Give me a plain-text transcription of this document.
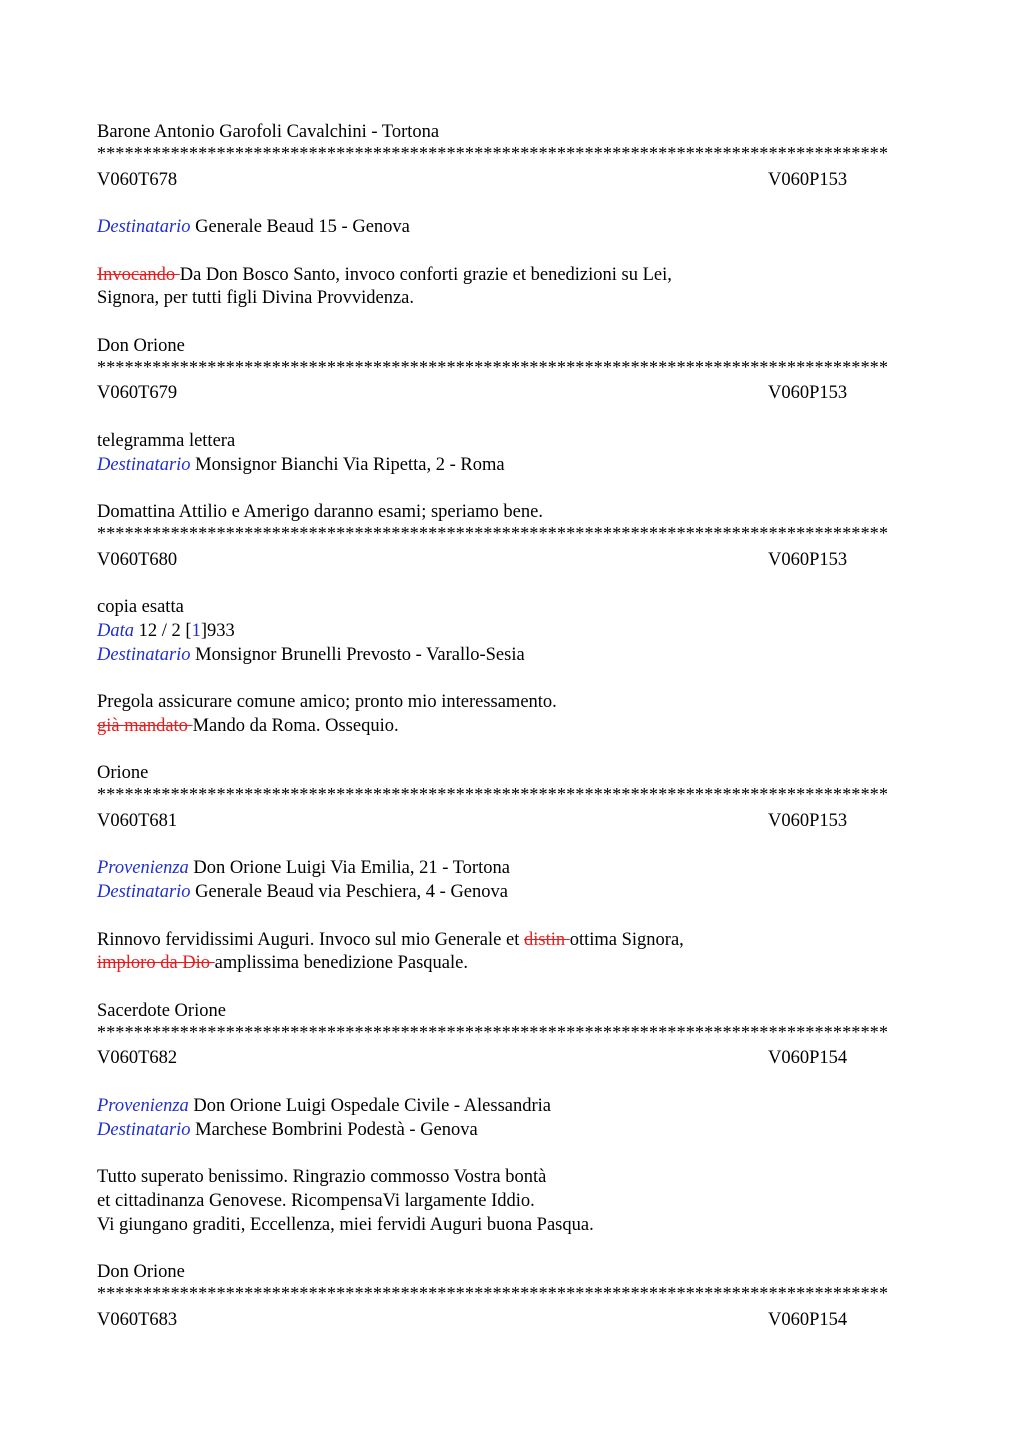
Barone Antonio Garofoli Cavalchini - Tortona
**************************************************************************************
V060T678	V060P153
Destinatario Generale Beaud 15 - Genova
Invocando Da Don Bosco Santo, invoco conforti grazie et benedizioni su Lei,
Signora, per tutti figli Divina Provvidenza.
Don Orione
**************************************************************************************
V060T679	V060P153
telegramma lettera
Destinatario Monsignor Bianchi Via Ripetta, 2 - Roma
Domattina Attilio e Amerigo daranno esami; speriamo bene.
**************************************************************************************
V060T680	V060P153
copia esatta
Data 12 / 2 [1]933
Destinatario Monsignor Brunelli Prevosto - Varallo-Sesia
Pregola assicurare comune amico; pronto mio interessamento.
già mandato Mando da Roma. Ossequio.
Orione
**************************************************************************************
V060T681	V060P153
Provenienza Don Orione Luigi Via Emilia, 21 - Tortona
Destinatario Generale Beaud via Peschiera, 4 - Genova
Rinnovo fervidissimi Auguri. Invoco sul mio Generale et distin ottima Signora,
imploro da Dio amplissima benedizione Pasquale.
Sacerdote Orione
**************************************************************************************
V060T682	V060P154
Provenienza Don Orione Luigi Ospedale Civile - Alessandria
Destinatario Marchese Bombrini Podestà - Genova
Tutto superato benissimo. Ringrazio commosso Vostra bontà
et cittadinanza Genovese. RicompensaVi largamente Iddio.
Vi giungano graditi, Eccellenza, miei fervidi Auguri buona Pasqua.
Don Orione
**************************************************************************************
V060T683	V060P154
